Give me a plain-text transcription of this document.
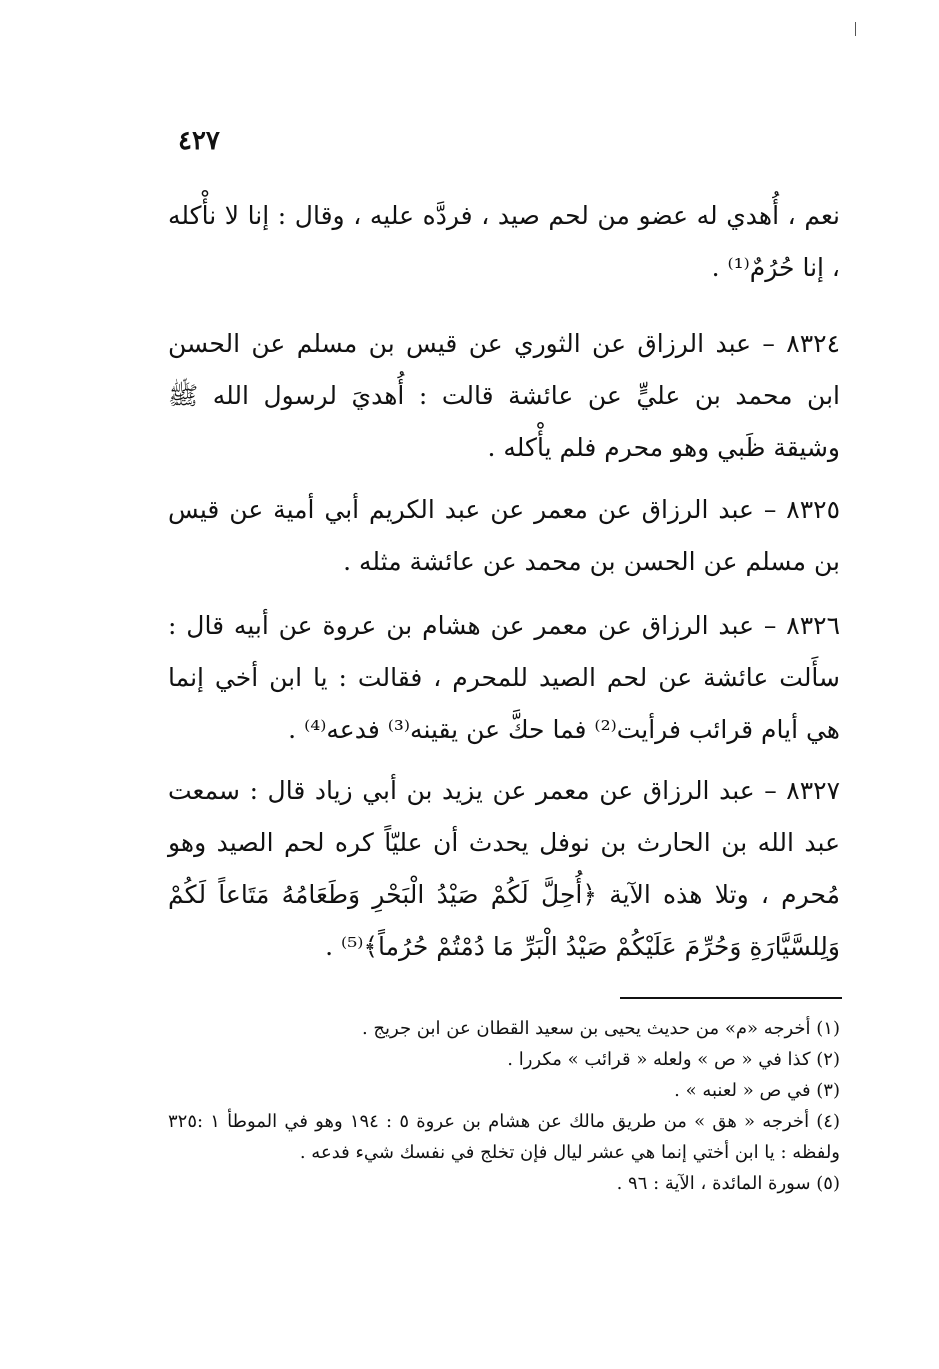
٤٢٧

نعم ، أُهدي له عضو من لحم صيد ، فردَّه عليه ، وقال : إنا لا نأْكله ، إنا حُرُمٌ⁽¹⁾ .

٨٣٢٤ – عبد الرزاق عن الثوري عن قيس بن مسلم عن الحسن ابن محمد بن عليٍّ عن عائشة قالت : أُهديَ لرسول الله ﷺ وشيقة ظَبي وهو محرم فلم يأْكله .

٨٣٢٥ – عبد الرزاق عن معمر عن عبد الكريم أبي أمية عن قيس بن مسلم عن الحسن بن محمد عن عائشة مثله .

٨٣٢٦ – عبد الرزاق عن معمر عن هشام بن عروة عن أبيه قال : سأَلت عائشة عن لحم الصيد للمحرم ، فقالت : يا ابن أخي إنما هي أيام قرائب فرأيت⁽²⁾ فما حكَّ عن يقينه⁽³⁾ فدعه⁽⁴⁾ .

٨٣٢٧ – عبد الرزاق عن معمر عن يزيد بن أبي زياد قال : سمعت عبد الله بن الحارث بن نوفل يحدث أن عليّاً كره لحم الصيد وهو مُحرم ، وتلا هذه الآية ﴿أُحِلَّ لَكُمْ صَيْدُ الْبَحْرِ وَطَعَامُهُ مَتَاعاً لَكُمْ وَلِلسَّيَّارَةِ وَحُرِّمَ عَلَيْكُمْ صَيْدُ الْبَرِّ مَا دُمْتُمْ حُرُماً﴾⁽⁵⁾ .

(١) أخرجه «م» من حديث يحيى بن سعيد القطان عن ابن جريج .

(٢) كذا في « ص » ولعله « قرائب » مكررا .

(٣) في ص « لعنبه » .

(٤) أخرجه « هق » من طريق مالك عن هشام بن عروة ٥ : ١٩٤ وهو في الموطأ ١ :٣٢٥ ولفظه : يا ابن أختي إنما هي عشر ليال فإن تخلج في نفسك شيء فدعه .

(٥) سورة المائدة ، الآية : ٩٦ .
